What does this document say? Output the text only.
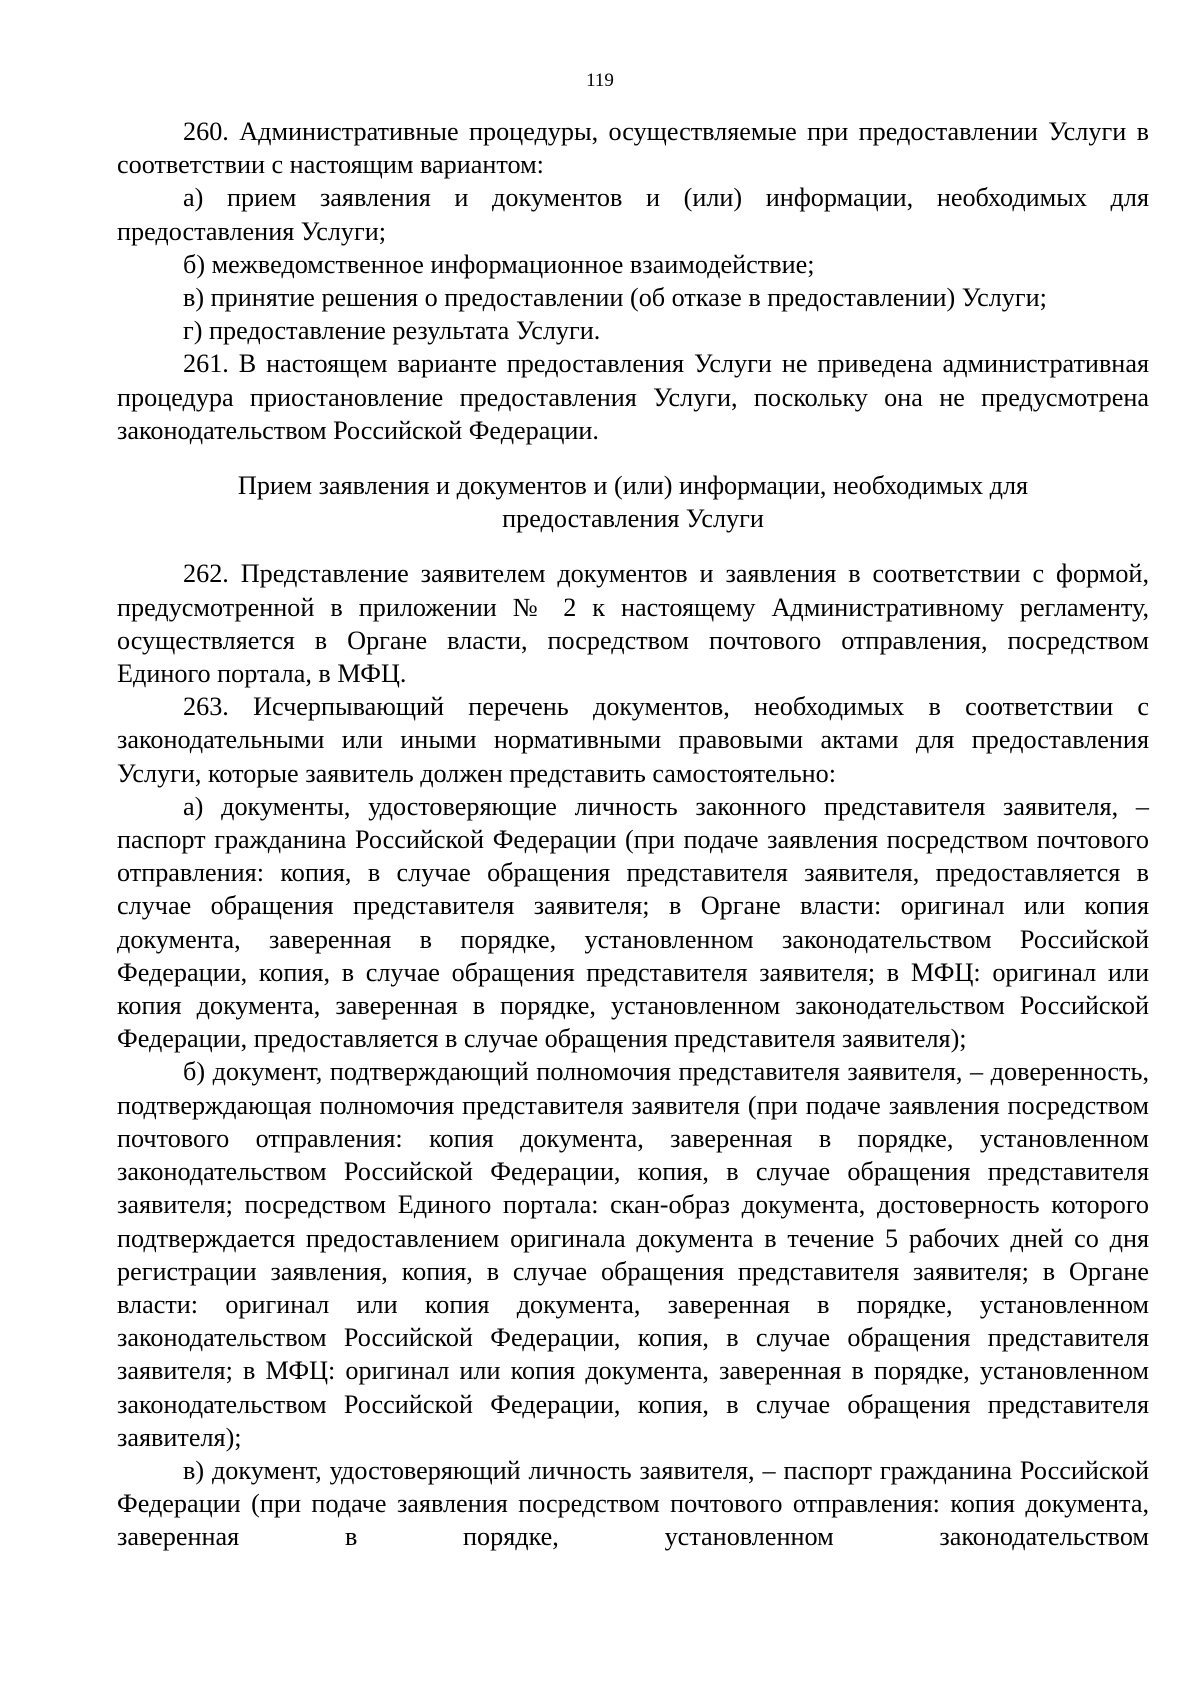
119

260. Административные процедуры, осуществляемые при предоставлении Услуги в соответствии с настоящим вариантом:

а) прием заявления и документов и (или) информации, необходимых для предоставления Услуги;

б) межведомственное информационное взаимодействие;

в) принятие решения о предоставлении (об отказе в предоставлении) Услуги;

г) предоставление результата Услуги.

261. В настоящем варианте предоставления Услуги не приведена административная процедура приостановление предоставления Услуги, поскольку она не предусмотрена законодательством Российской Федерации.

Прием заявления и документов и (или) информации, необходимых для предоставления Услуги

262. Представление заявителем документов и заявления в соответствии с формой, предусмотренной в приложении № 2 к настоящему Административному регламенту, осуществляется в Органе власти, посредством почтового отправления, посредством Единого портала, в МФЦ.

263. Исчерпывающий перечень документов, необходимых в соответствии с законодательными или иными нормативными правовыми актами для предоставления Услуги, которые заявитель должен представить самостоятельно:

а) документы, удостоверяющие личность законного представителя заявителя, – паспорт гражданина Российской Федерации (при подаче заявления посредством почтового отправления: копия, в случае обращения представителя заявителя, предоставляется в случае обращения представителя заявителя; в Органе власти: оригинал или копия документа, заверенная в порядке, установленном законодательством Российской Федерации, копия, в случае обращения представителя заявителя; в МФЦ: оригинал или копия документа, заверенная в порядке, установленном законодательством Российской Федерации, предоставляется в случае обращения представителя заявителя);

б) документ, подтверждающий полномочия представителя заявителя, – доверенность, подтверждающая полномочия представителя заявителя (при подаче заявления посредством почтового отправления: копия документа, заверенная в порядке, установленном законодательством Российской Федерации, копия, в случае обращения представителя заявителя; посредством Единого портала: скан-образ документа, достоверность которого подтверждается предоставлением оригинала документа в течение 5 рабочих дней со дня регистрации заявления, копия, в случае обращения представителя заявителя; в Органе власти: оригинал или копия документа, заверенная в порядке, установленном законодательством Российской Федерации, копия, в случае обращения представителя заявителя; в МФЦ: оригинал или копия документа, заверенная в порядке, установленном законодательством Российской Федерации, копия, в случае обращения представителя заявителя);

в) документ, удостоверяющий личность заявителя, – паспорт гражданина Российской Федерации (при подаче заявления посредством почтового отправления: копия документа, заверенная в порядке, установленном законодательством
